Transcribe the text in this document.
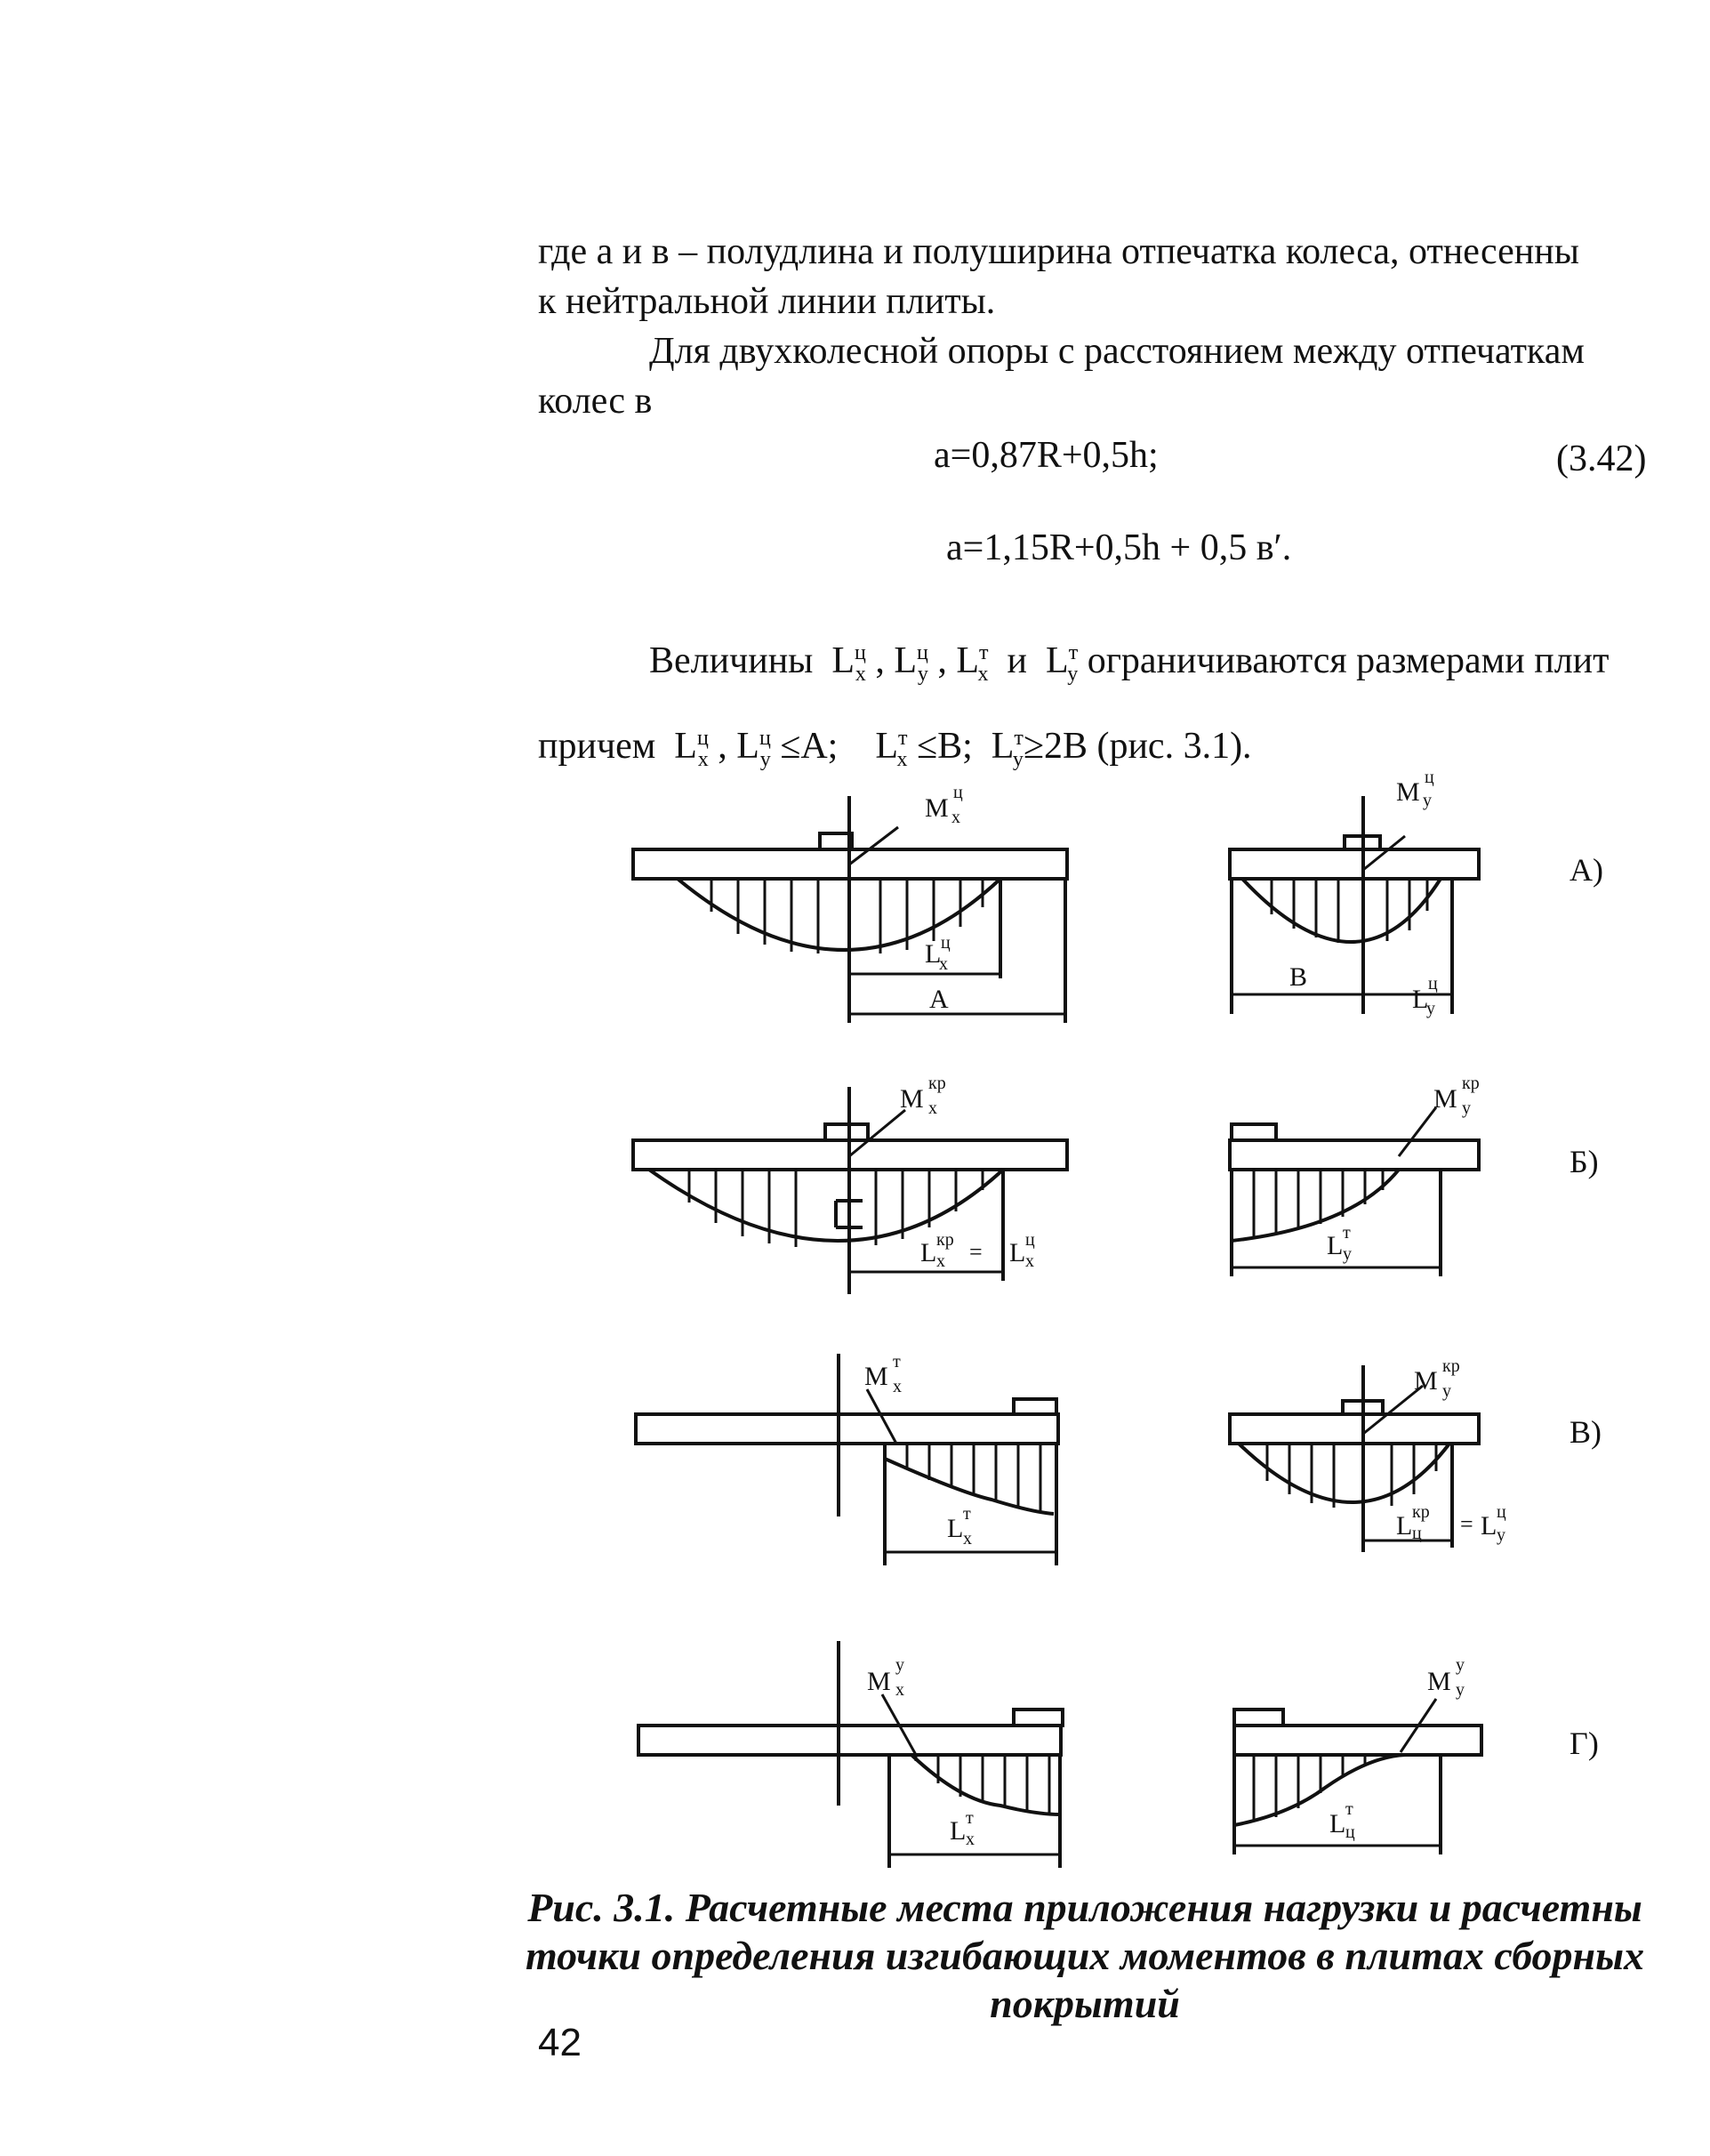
где а и в – полудлина и полуширина отпечатка колеса, отнесенны
к нейтральной линии плиты.
Для двухколесной опоры с расстоянием между отпечаткам
колес в
a=0,87R+0,5h;	(3.42)
a=1,15R+0,5h + 0,5 в′.
Величины $L^ц_x$ , $L^ц_y$ , $L^т_x$ и $L^т_y$ ограничиваются размерами плит
причем $L^ц_x$ , $L^ц_y \le A$; $L^т_x \le B$; $L^т_y\ge 2B$ (рис. 3.1).
M
ц
x
L ц
x
A
M ц
y
B
L
ц
y
M
кр
x
L кр
x = L ц
x
M
кр
y
L т
y
M т
x
L т
x
M кр
y
L кр
ц = L ц
y
M
у
x
L т
x
M
у
y
L т
ц
А)
Б)
В)
Г)
Рис. 3.1. Расчетные места приложения нагрузки и расчетны
точки определения изгибающих моментов в плитах сборных
покрытий
42
